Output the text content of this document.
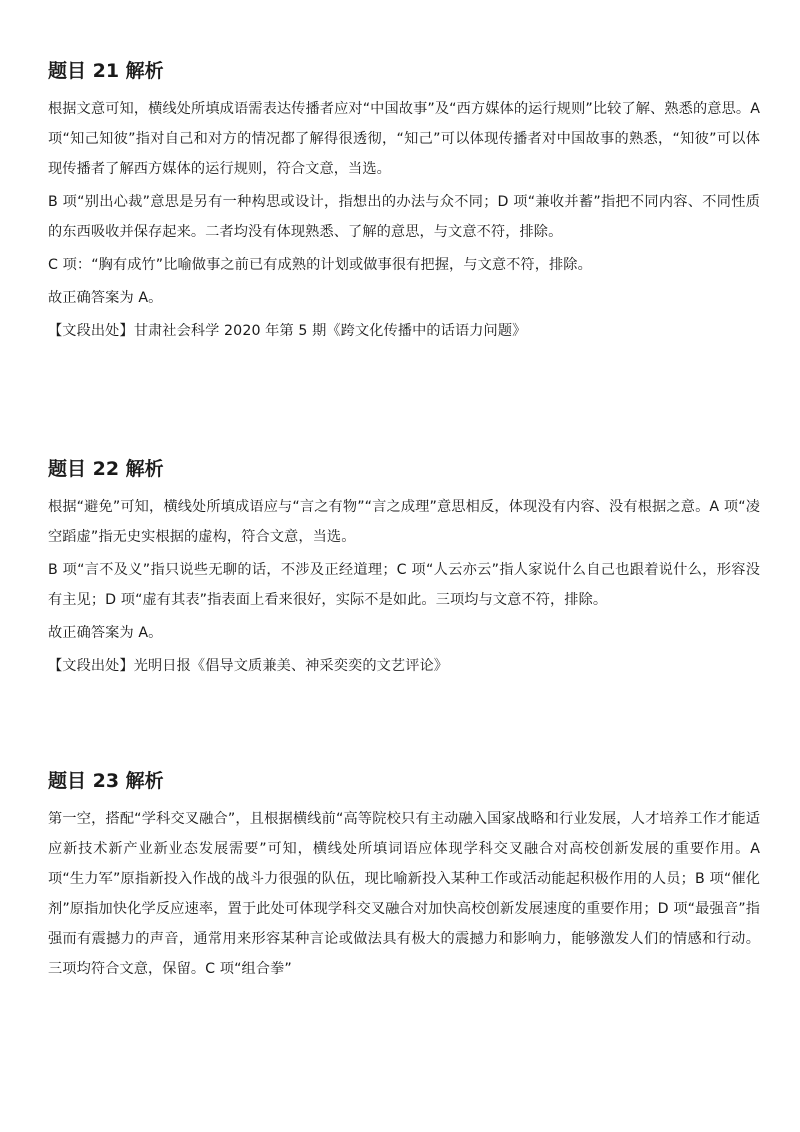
题目 21 解析

根据文意可知，横线处所填成语需表达传播者应对“中国故事”及“西方媒体的运行规则”比较了解、熟悉的意思。A 项“知己知彼”指对自己和对方的情况都了解得很透彻，“知己”可以体现传播者对中国故事的熟悉，“知彼”可以体现传播者了解西方媒体的运行规则，符合文意，当选。

B 项“别出心裁”意思是另有一种构思或设计，指想出的办法与众不同；D 项“兼收并蓄”指把不同内容、不同性质的东西吸收并保存起来。二者均没有体现熟悉、了解的意思，与文意不符，排除。

C 项：“胸有成竹”比喻做事之前已有成熟的计划或做事很有把握，与文意不符，排除。

故正确答案为 A。

【文段出处】甘肃社会科学 2020 年第 5 期《跨文化传播中的话语力问题》

题目 22 解析

根据“避免”可知，横线处所填成语应与“言之有物”“言之成理”意思相反，体现没有内容、没有根据之意。A 项“凌空蹈虚”指无史实根据的虚构，符合文意，当选。

B 项“言不及义”指只说些无聊的话，不涉及正经道理；C 项“人云亦云”指人家说什么自己也跟着说什么，形容没有主见；D 项“虚有其表”指表面上看来很好，实际不是如此。三项均与文意不符，排除。

故正确答案为 A。

【文段出处】光明日报《倡导文质兼美、神采奕奕的文艺评论》

题目 23 解析

第一空，搭配“学科交叉融合”，且根据横线前“高等院校只有主动融入国家战略和行业发展，人才培养工作才能适应新技术新产业新业态发展需要”可知，横线处所填词语应体现学科交叉融合对高校创新发展的重要作用。A 项“生力军”原指新投入作战的战斗力很强的队伍，现比喻新投入某种工作或活动能起积极作用的人员；B 项“催化剂”原指加快化学反应速率，置于此处可体现学科交叉融合对加快高校创新发展速度的重要作用；D 项“最强音”指强而有震撼力的声音，通常用来形容某种言论或做法具有极大的震撼力和影响力，能够激发人们的情感和行动。三项均符合文意，保留。C 项“组合拳”
